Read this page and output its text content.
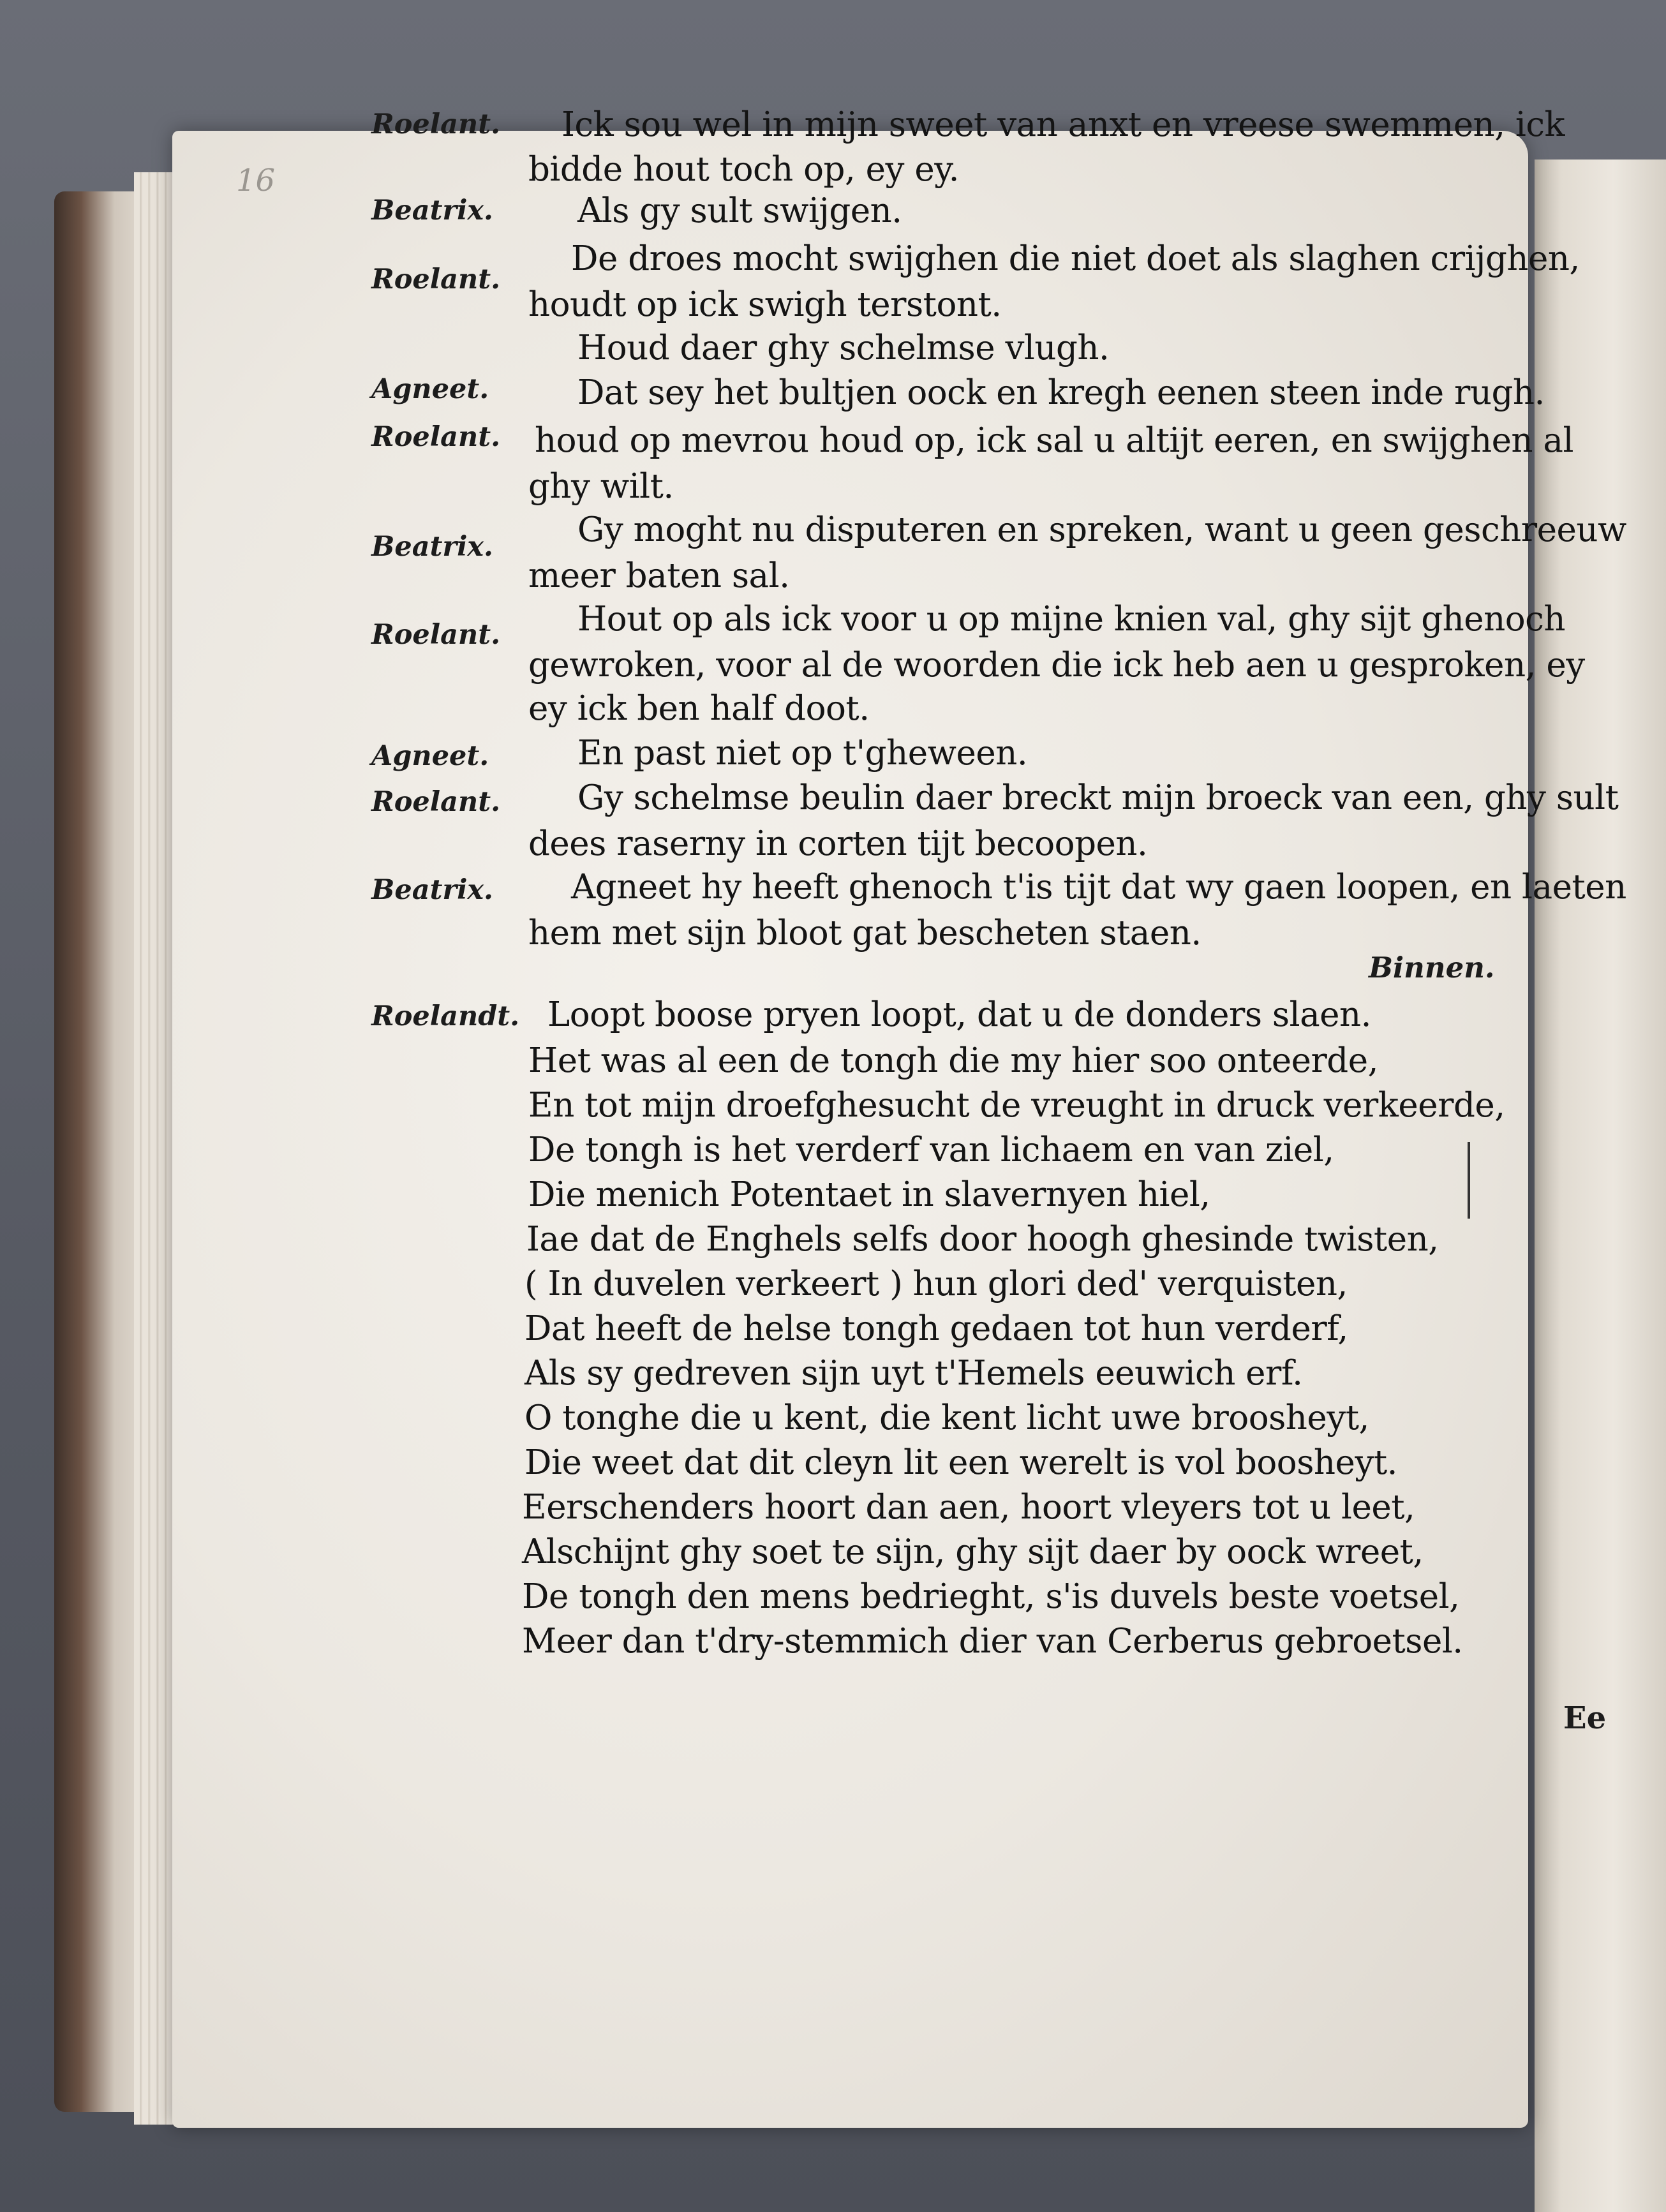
16
Roelant. Ick sou wel in mijn sweet van anxt en vreese swemmen, ick
bidde hout toch op, ey ey.
Beatrix. Als gy sult swijgen.
Roelant.
De droes mocht swijghen die niet doet als slaghen crijghen,
houdt op ick swigh terstont.
Houd daer ghy schelmse vlugh.
Agneet.	Dat sey het bultjen oock en kregh eenen steen inde rugh.
Roelant. houd op mevrou houd op, ick sal u altijt eeren, en swijghen al
ghy wilt.
Beatrix. Gy moght nu disputeren en spreken, want u geen geschreeuw
meer baten sal.
Roelant. Hout op als ick voor u op mijne knien val, ghy sijt ghenoch
gewroken, voor al de woorden die ick heb aen u gesproken, ey
ey ick ben half doot.
Agneet.	En past niet op t'gheween.
Roelant. Gy schelmse beulin daer breckt mijn broeck van een, ghy sult
dees raserny in corten tijt becoopen.
Beatrix. Agneet hy heeft ghenoch t'is tijt dat wy gaen loopen, en laeten
hem met sijn bloot gat bescheten staen.
Binnen.
Roelandt. Loopt boose pryen loopt, dat u de donders slaen.
Het was al een de tongh die my hier soo onteerde,
En tot mijn droefghesucht de vreught in druck verkeerde,
De tongh is het verderf van lichaem en van ziel,
Die menich Potentaet in slavernyen hiel,
Iae dat de Enghels selfs door hoogh ghesinde twisten,
( In duvelen verkeert ) hun glori ded' verquisten,
Dat heeft de helse tongh gedaen tot hun verderf,
Als sy gedreven sijn uyt t'Hemels eeuwich erf.
O tonghe die u kent, die kent licht uwe broosheyt,
Die weet dat dit cleyn lit een werelt is vol boosheyt.
Eerschenders hoort dan aen, hoort vleyers tot u leet,
Alschijnt ghy soet te sijn, ghy sijt daer by oock wreet,
De tongh den mens bedrieght, s'is duvels beste voetsel,
Meer dan t'dry-stemmich dier van Cerberus gebroetsel.
Ee
